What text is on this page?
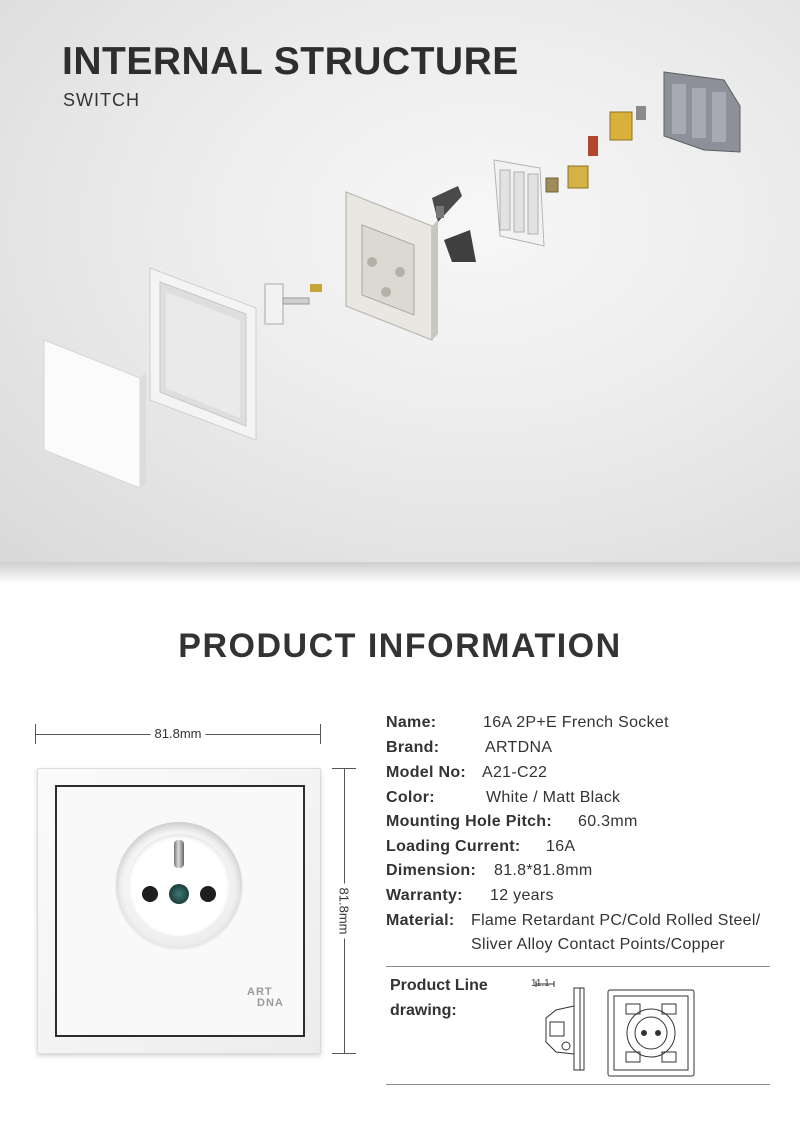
INTERNAL STRUCTURE
SWITCH
PRODUCT INFORMATION
81.8mm
81.8mm
ART
DNA
Name:	16A 2P+E French Socket
Brand:	ARTDNA
Model No: A21-C22
Color:	White / Matt Black
Mounting Hole Pitch: 60.3mm
Loading Current: 16A
Dimension: 81.8*81.8mm
Warranty: 12 years
Material: Flame Retardant PC/Cold Rolled Steel/
Sliver Alloy Contact Points/Copper
Product Line
drawing:
11.1
